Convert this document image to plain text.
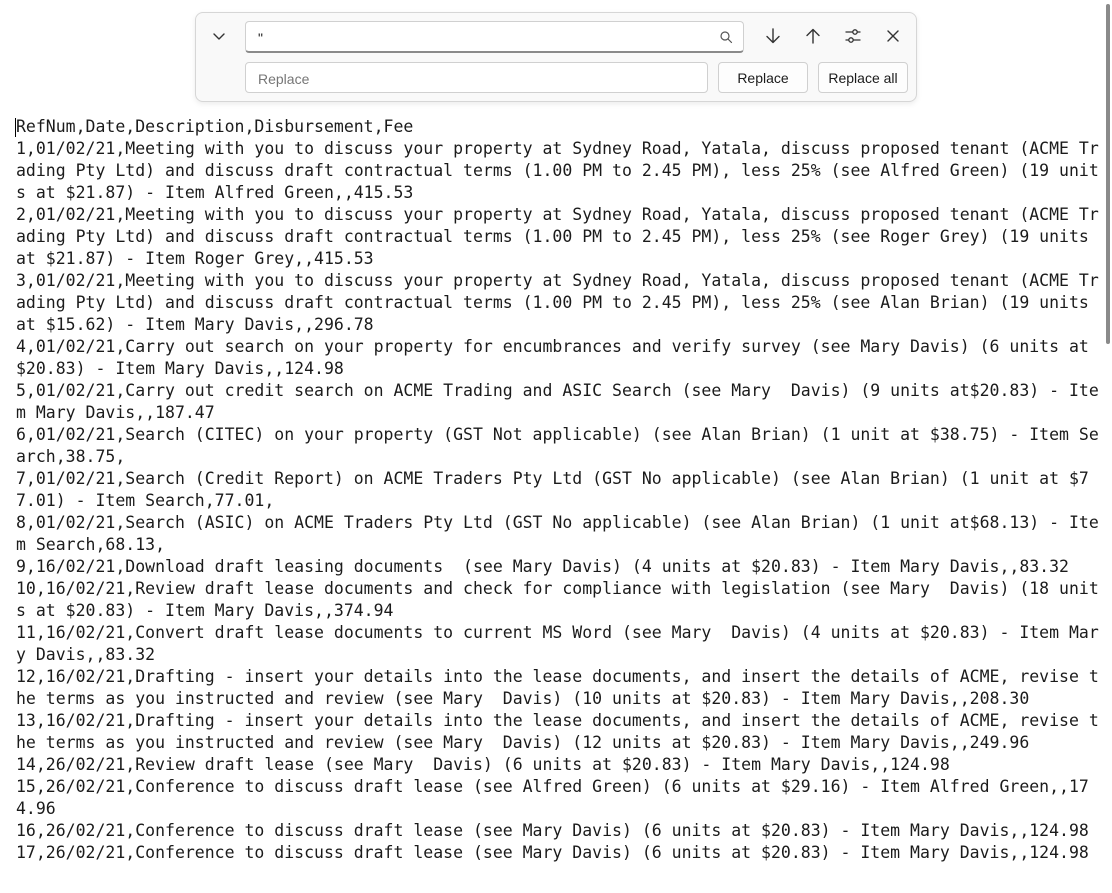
RefNum,Date,Description,Disbursement,Fee
1,01/02/21,Meeting with you to discuss your property at Sydney Road, Yatala, discuss proposed tenant (ACME Trading Pty Ltd) and discuss draft contractual terms (1.00 PM to 2.45 PM), less 25% (see Alfred Green) (19 units at $21.87) - Item Alfred Green,,415.53
2,01/02/21,Meeting with you to discuss your property at Sydney Road, Yatala, discuss proposed tenant (ACME Trading Pty Ltd) and discuss draft contractual terms (1.00 PM to 2.45 PM), less 25% (see Roger Grey) (19 units at $21.87) - Item Roger Grey,,415.53
3,01/02/21,Meeting with you to discuss your property at Sydney Road, Yatala, discuss proposed tenant (ACME Trading Pty Ltd) and discuss draft contractual terms (1.00 PM to 2.45 PM), less 25% (see Alan Brian) (19 units at $15.62) - Item Mary Davis,,296.78
4,01/02/21,Carry out search on your property for encumbrances and verify survey (see Mary Davis) (6 units at $20.83) - Item Mary Davis,,124.98
5,01/02/21,Carry out credit search on ACME Trading and ASIC Search (see Mary  Davis) (9 units at$20.83) - Item Mary Davis,,187.47
6,01/02/21,Search (CITEC) on your property (GST Not applicable) (see Alan Brian) (1 unit at $38.75) - Item Search,38.75,
7,01/02/21,Search (Credit Report) on ACME Traders Pty Ltd (GST No applicable) (see Alan Brian) (1 unit at $77.01) - Item Search,77.01,
8,01/02/21,Search (ASIC) on ACME Traders Pty Ltd (GST No applicable) (see Alan Brian) (1 unit at$68.13) - Item Search,68.13,
9,16/02/21,Download draft leasing documents  (see Mary Davis) (4 units at $20.83) - Item Mary Davis,,83.32
10,16/02/21,Review draft lease documents and check for compliance with legislation (see Mary  Davis) (18 units at $20.83) - Item Mary Davis,,374.94
11,16/02/21,Convert draft lease documents to current MS Word (see Mary  Davis) (4 units at $20.83) - Item Mary Davis,,83.32
12,16/02/21,Drafting - insert your details into the lease documents, and insert the details of ACME, revise the terms as you instructed and review (see Mary  Davis) (10 units at $20.83) - Item Mary Davis,,208.30
13,16/02/21,Drafting - insert your details into the lease documents, and insert the details of ACME, revise the terms as you instructed and review (see Mary  Davis) (12 units at $20.83) - Item Mary Davis,,249.96
14,26/02/21,Review draft lease (see Mary  Davis) (6 units at $20.83) - Item Mary Davis,,124.98
15,26/02/21,Conference to discuss draft lease (see Alfred Green) (6 units at $29.16) - Item Alfred Green,,174.96
16,26/02/21,Conference to discuss draft lease (see Mary Davis) (6 units at $20.83) - Item Mary Davis,,124.98
17,26/02/21,Conference to discuss draft lease (see Mary Davis) (6 units at $20.83) - Item Mary Davis,,124.98
"
Replace
Replace	Replace all
